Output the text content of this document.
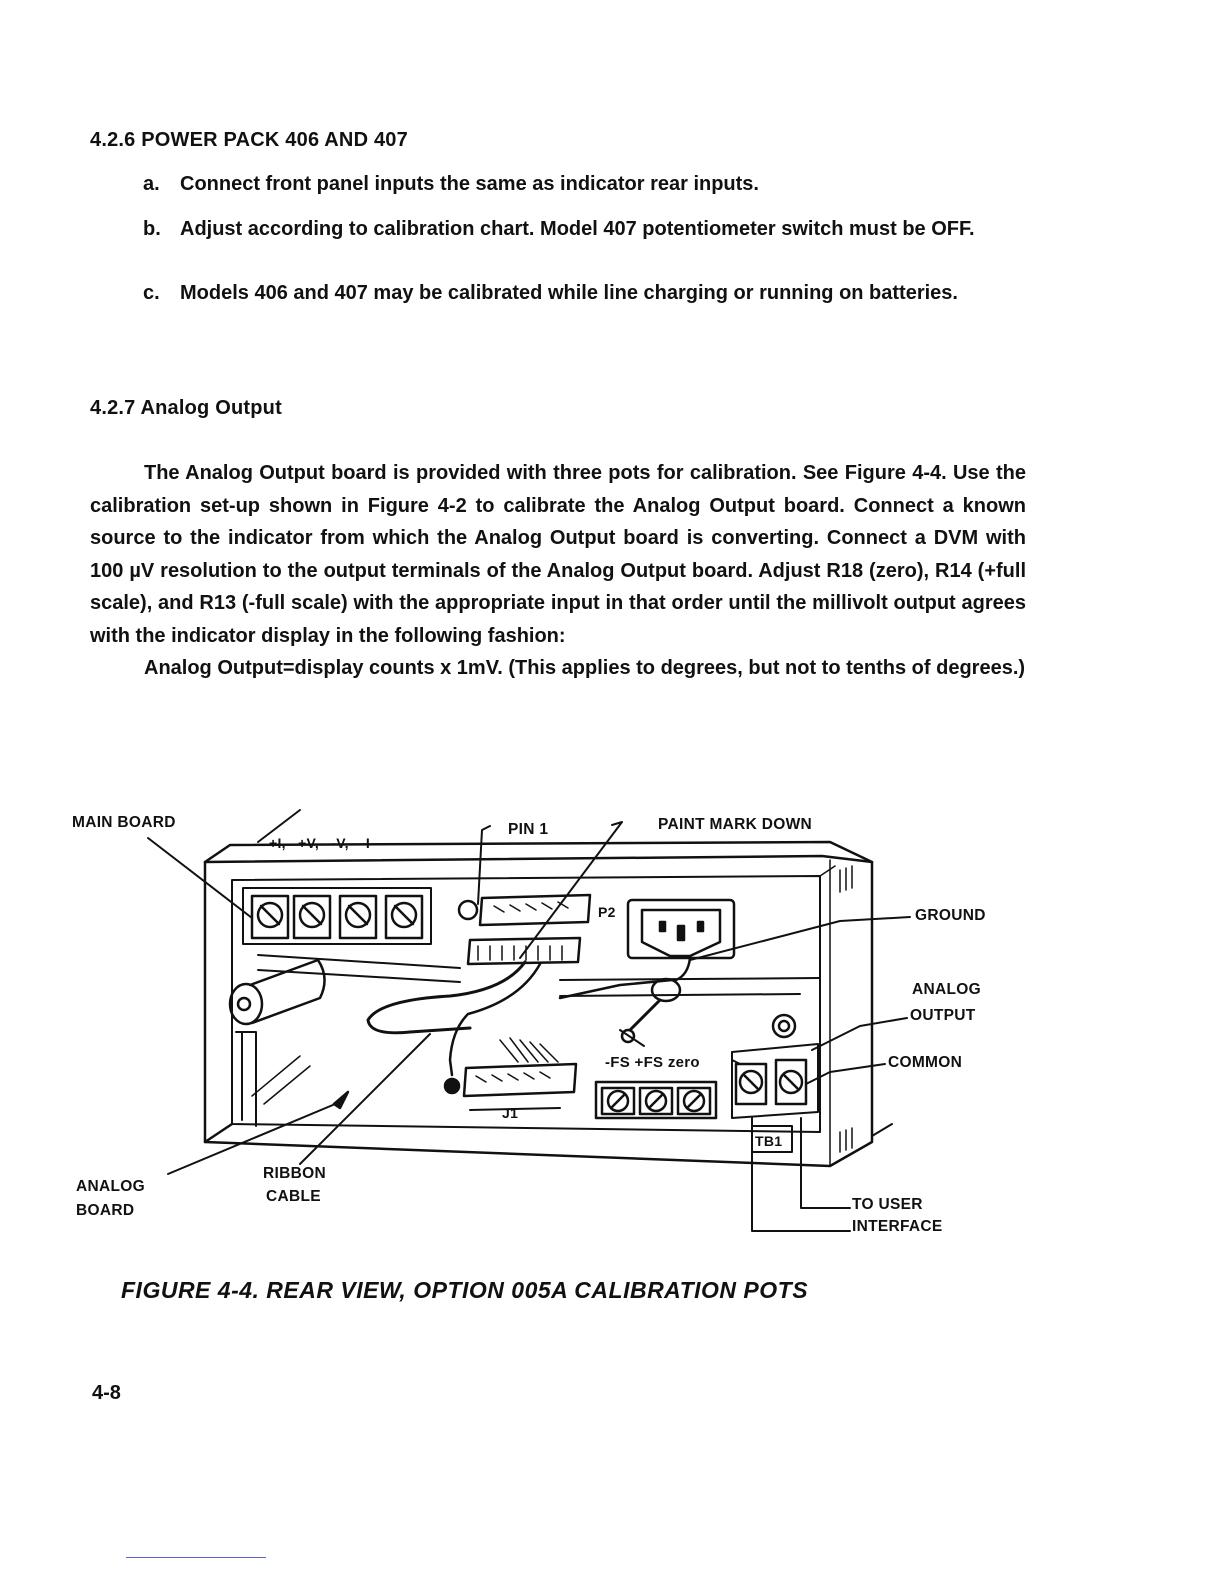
4.2.6 POWER PACK 406 AND 407
a. Connect front panel inputs the same as indicator rear inputs.
b. Adjust according to calibration chart. Model 407 potentiometer switch must be OFF.
c. Models 406 and 407 may be calibrated while line charging or running on batteries.
4.2.7 Analog Output

The Analog Output board is provided with three pots for calibration. See Figure 4-4. Use the calibration set-up shown in Figure 4-2 to calibrate the Analog Output board. Connect a known source to the indicator from which the Analog Output board is converting. Connect a DVM with 100 µV resolution to the output terminals of the Analog Output board. Adjust R18 (zero), R14 (+full scale), and R13 (-full scale) with the appropriate input in that order until the millivolt output agrees with the indicator display in the following fashion:

Analog Output=display counts x 1mV. (This applies to degrees, but not to tenths of degrees.)

MAIN BOARD
+I, +V, -V, -I
PIN 1	PAINT MARK DOWN
GROUND
ANALOG
OUTPUT
COMMON
ANALOG
BOARD
RIBBON
CABLE	TO USER
INTERFACE
P2
J1
-FS +FS zero
TB1
FIGURE 4-4. REAR VIEW, OPTION 005A CALIBRATION POTS
4-8
